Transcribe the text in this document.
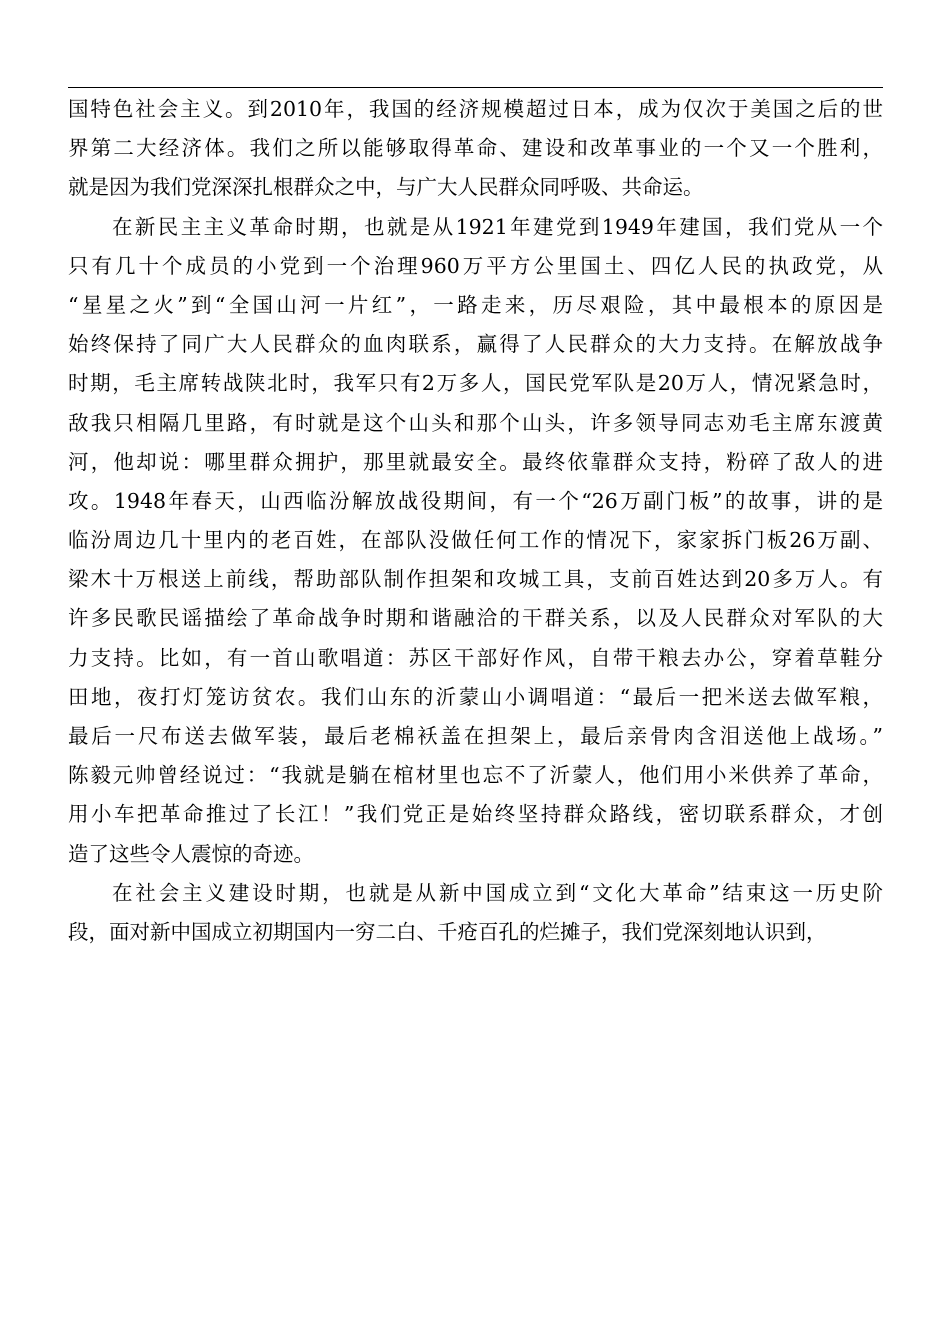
国特色社会主义。到2010年，我国的经济规模超过日本，成为仅次于美国之后的世
界第二大经济体。我们之所以能够取得革命、建设和改革事业的一个又一个胜利，
就是因为我们党深深扎根群众之中，与广大人民群众同呼吸、共命运。
在新民主主义革命时期，也就是从1921年建党到1949年建国，我们党从一个
只有几十个成员的小党到一个治理960万平方公里国土、四亿人民的执政党，从
“星星之火”到“全国山河一片红”，一路走来，历尽艰险，其中最根本的原因是
始终保持了同广大人民群众的血肉联系，赢得了人民群众的大力支持。在解放战争
时期，毛主席转战陕北时，我军只有2万多人，国民党军队是20万人，情况紧急时，
敌我只相隔几里路，有时就是这个山头和那个山头，许多领导同志劝毛主席东渡黄
河，他却说：哪里群众拥护，那里就最安全。最终依靠群众支持，粉碎了敌人的进
攻。1948年春天，山西临汾解放战役期间，有一个“26万副门板”的故事，讲的是
临汾周边几十里内的老百姓，在部队没做任何工作的情况下，家家拆门板26万副、
梁木十万根送上前线，帮助部队制作担架和攻城工具，支前百姓达到20多万人。有
许多民歌民谣描绘了革命战争时期和谐融洽的干群关系，以及人民群众对军队的大
力支持。比如，有一首山歌唱道：苏区干部好作风，自带干粮去办公，穿着草鞋分
田地，夜打灯笼访贫农。我们山东的沂蒙山小调唱道：“最后一把米送去做军粮，
最后一尺布送去做军装，最后老棉袄盖在担架上，最后亲骨肉含泪送他上战场。”
陈毅元帅曾经说过：“我就是躺在棺材里也忘不了沂蒙人，他们用小米供养了革命，
用小车把革命推过了长江！”我们党正是始终坚持群众路线，密切联系群众，才创
造了这些令人震惊的奇迹。
在社会主义建设时期，也就是从新中国成立到“文化大革命”结束这一历史阶
段，面对新中国成立初期国内一穷二白、千疮百孔的烂摊子，我们党深刻地认识到，
